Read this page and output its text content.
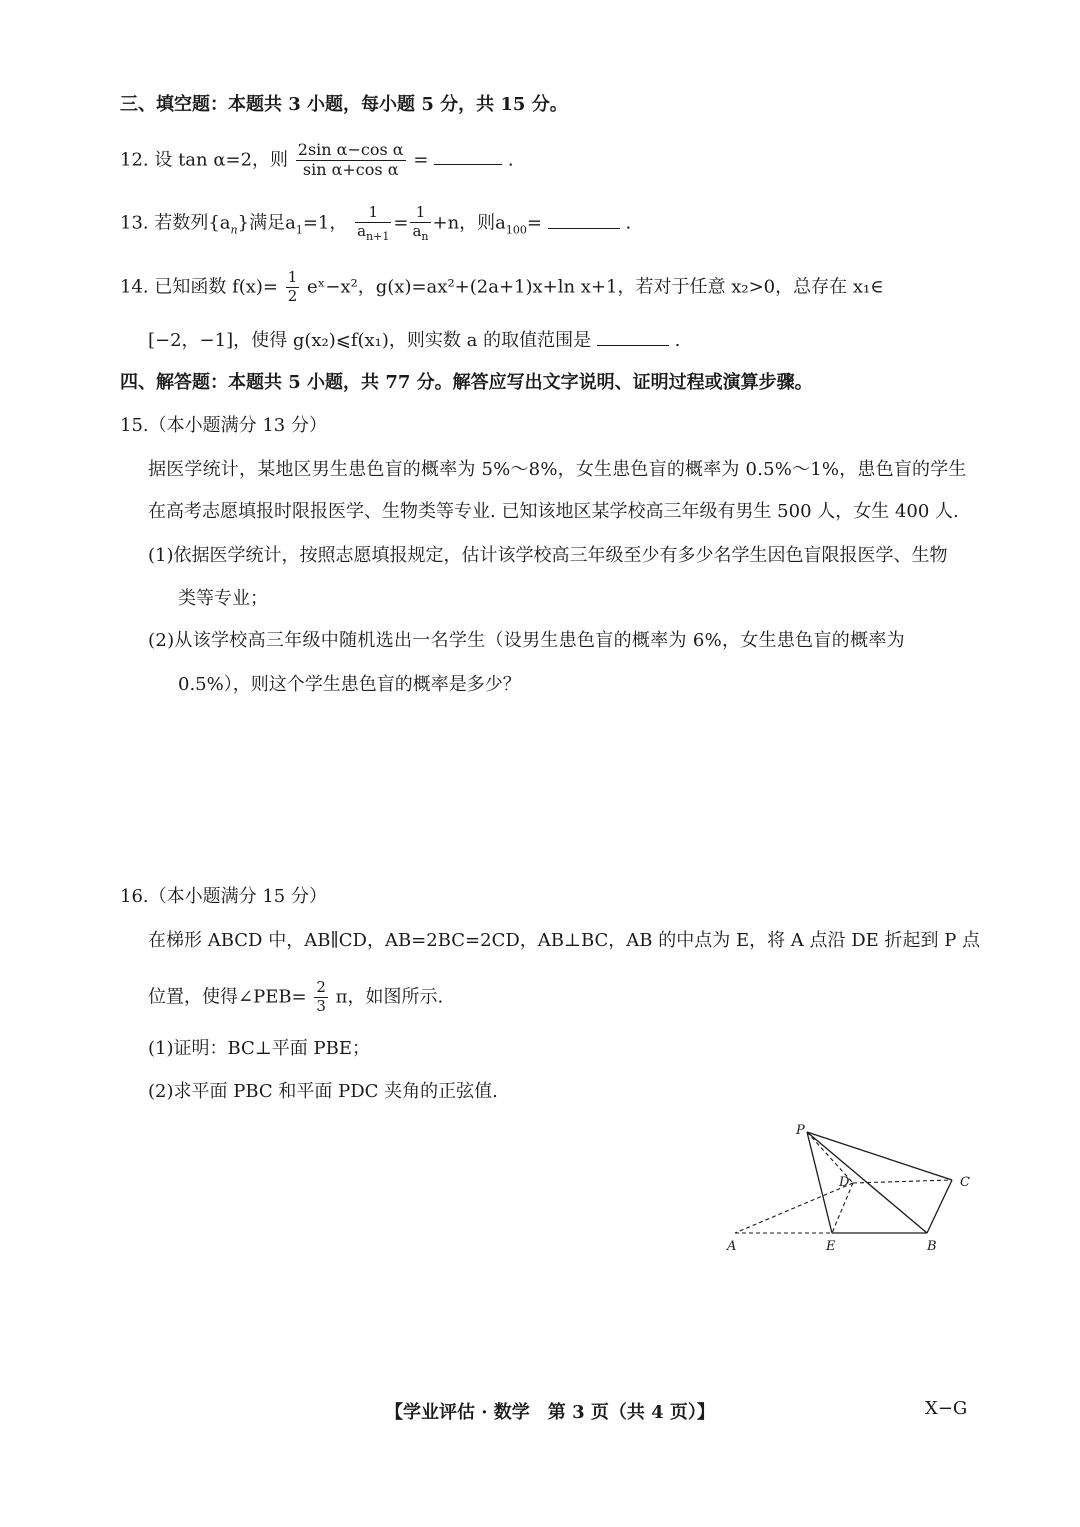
三、填空题：本题共 3 小题，每小题 5 分，共 15 分。
12. 设 tan α=2，则 $\frac{\text{2sin α−cos α}}{\text{sin α+cos α}}$ =	.
13. 若数列$\{a_n\}$满足$a_1=1$， $\frac{1}{a_{n+1}} = \frac{1}{a_n} +n$，则$a_{100}=$	.
14. 已知函数 $f(x)= \frac{1}{2}$ eˣ−x²，g(x)=ax²+(2a+1)x+ln x+1，若对于任意 x₂>0，总存在 x₁∈
[−2，−1]，使得 g(x₂)⩽f(x₁)，则实数 a 的取值范围是	.
四、解答题：本题共 5 小题，共 77 分。解答应写出文字说明、证明过程或演算步骤。
15.（本小题满分 13 分）
据医学统计，某地区男生患色盲的概率为 5%～8%，女生患色盲的概率为 0.5%～1%，患色盲的学生
在高考志愿填报时限报医学、生物类等专业. 已知该地区某学校高三年级有男生 500 人，女生 400 人.
(1)依据医学统计，按照志愿填报规定，估计该学校高三年级至少有多少名学生因色盲限报医学、生物
类等专业；
(2)从该学校高三年级中随机选出一名学生（设男生患色盲的概率为 6%，女生患色盲的概率为
0.5%），则这个学生患色盲的概率是多少？
16.（本小题满分 15 分）
在梯形 ABCD 中，AB∥CD，AB=2BC=2CD，AB⊥BC，AB 的中点为 E，将 A 点沿 DE 折起到 P 点
位置，使得∠PEB= $\frac{2}{3}$ π，如图所示.
(1)证明：BC⊥平面 PBE；
(2)求平面 PBC 和平面 PDC 夹角的正弦值.
P
D	C
A	E	B
【学业评估 · 数学　第 3 页（共 4 页）】	X−G
